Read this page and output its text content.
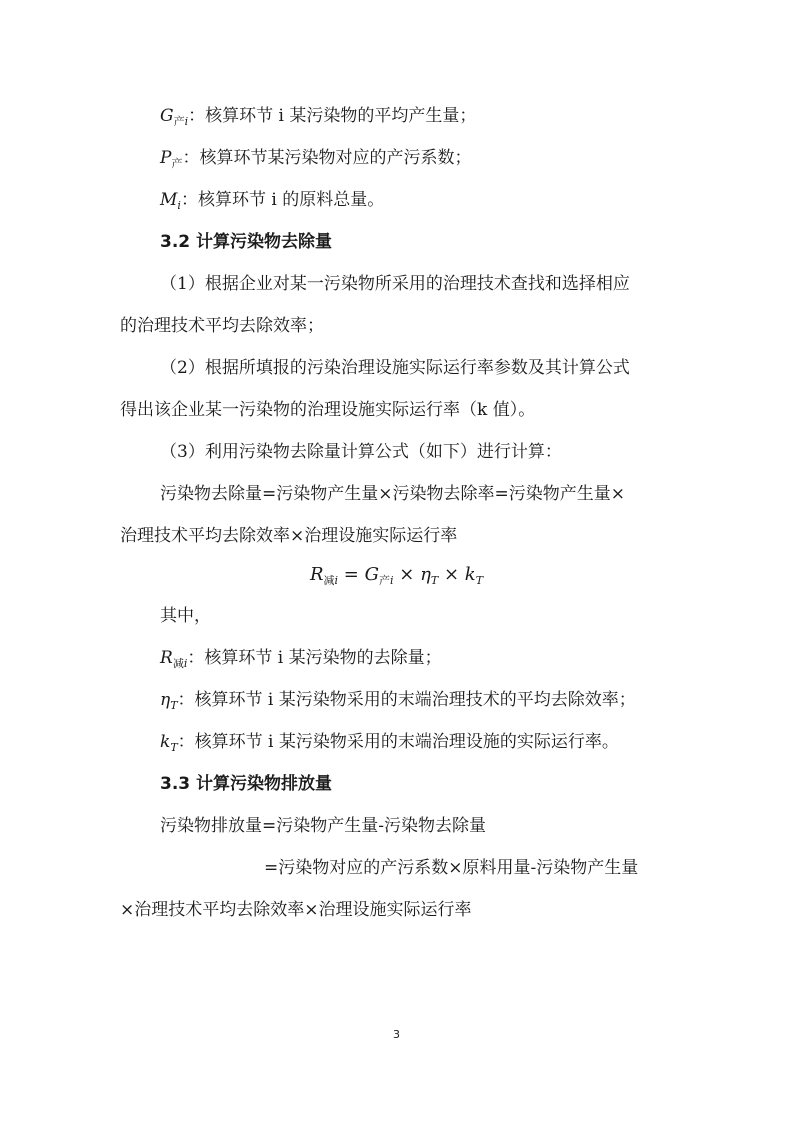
$G_{产i}$：核算环节 i 某污染物的平均产生量；
$P_产$：核算环节某污染物对应的产污系数；
$M_i$：核算环节 i 的原料总量。
3.2 计算污染物去除量
（1）根据企业对某一污染物所采用的治理技术查找和选择相应
的治理技术平均去除效率；
（2）根据所填报的污染治理设施实际运行率参数及其计算公式
得出该企业某一污染物的治理设施实际运行率（k 值）。
（3）利用污染物去除量计算公式（如下）进行计算：
污染物去除量=污染物产生量×污染物去除率=污染物产生量×
治理技术平均去除效率×治理设施实际运行率
$R_{减i} = G_{产i} \times \eta_T \times k_T$
其中，
$R_{减i}$：核算环节 i 某污染物的去除量；
$\eta_T$：核算环节 i 某污染物采用的末端治理技术的平均去除效率；
$k_T$：核算环节 i 某污染物采用的末端治理设施的实际运行率。
3.3 计算污染物排放量
污染物排放量=污染物产生量-污染物去除量
=污染物对应的产污系数×原料用量-污染物产生量
×治理技术平均去除效率×治理设施实际运行率
3
